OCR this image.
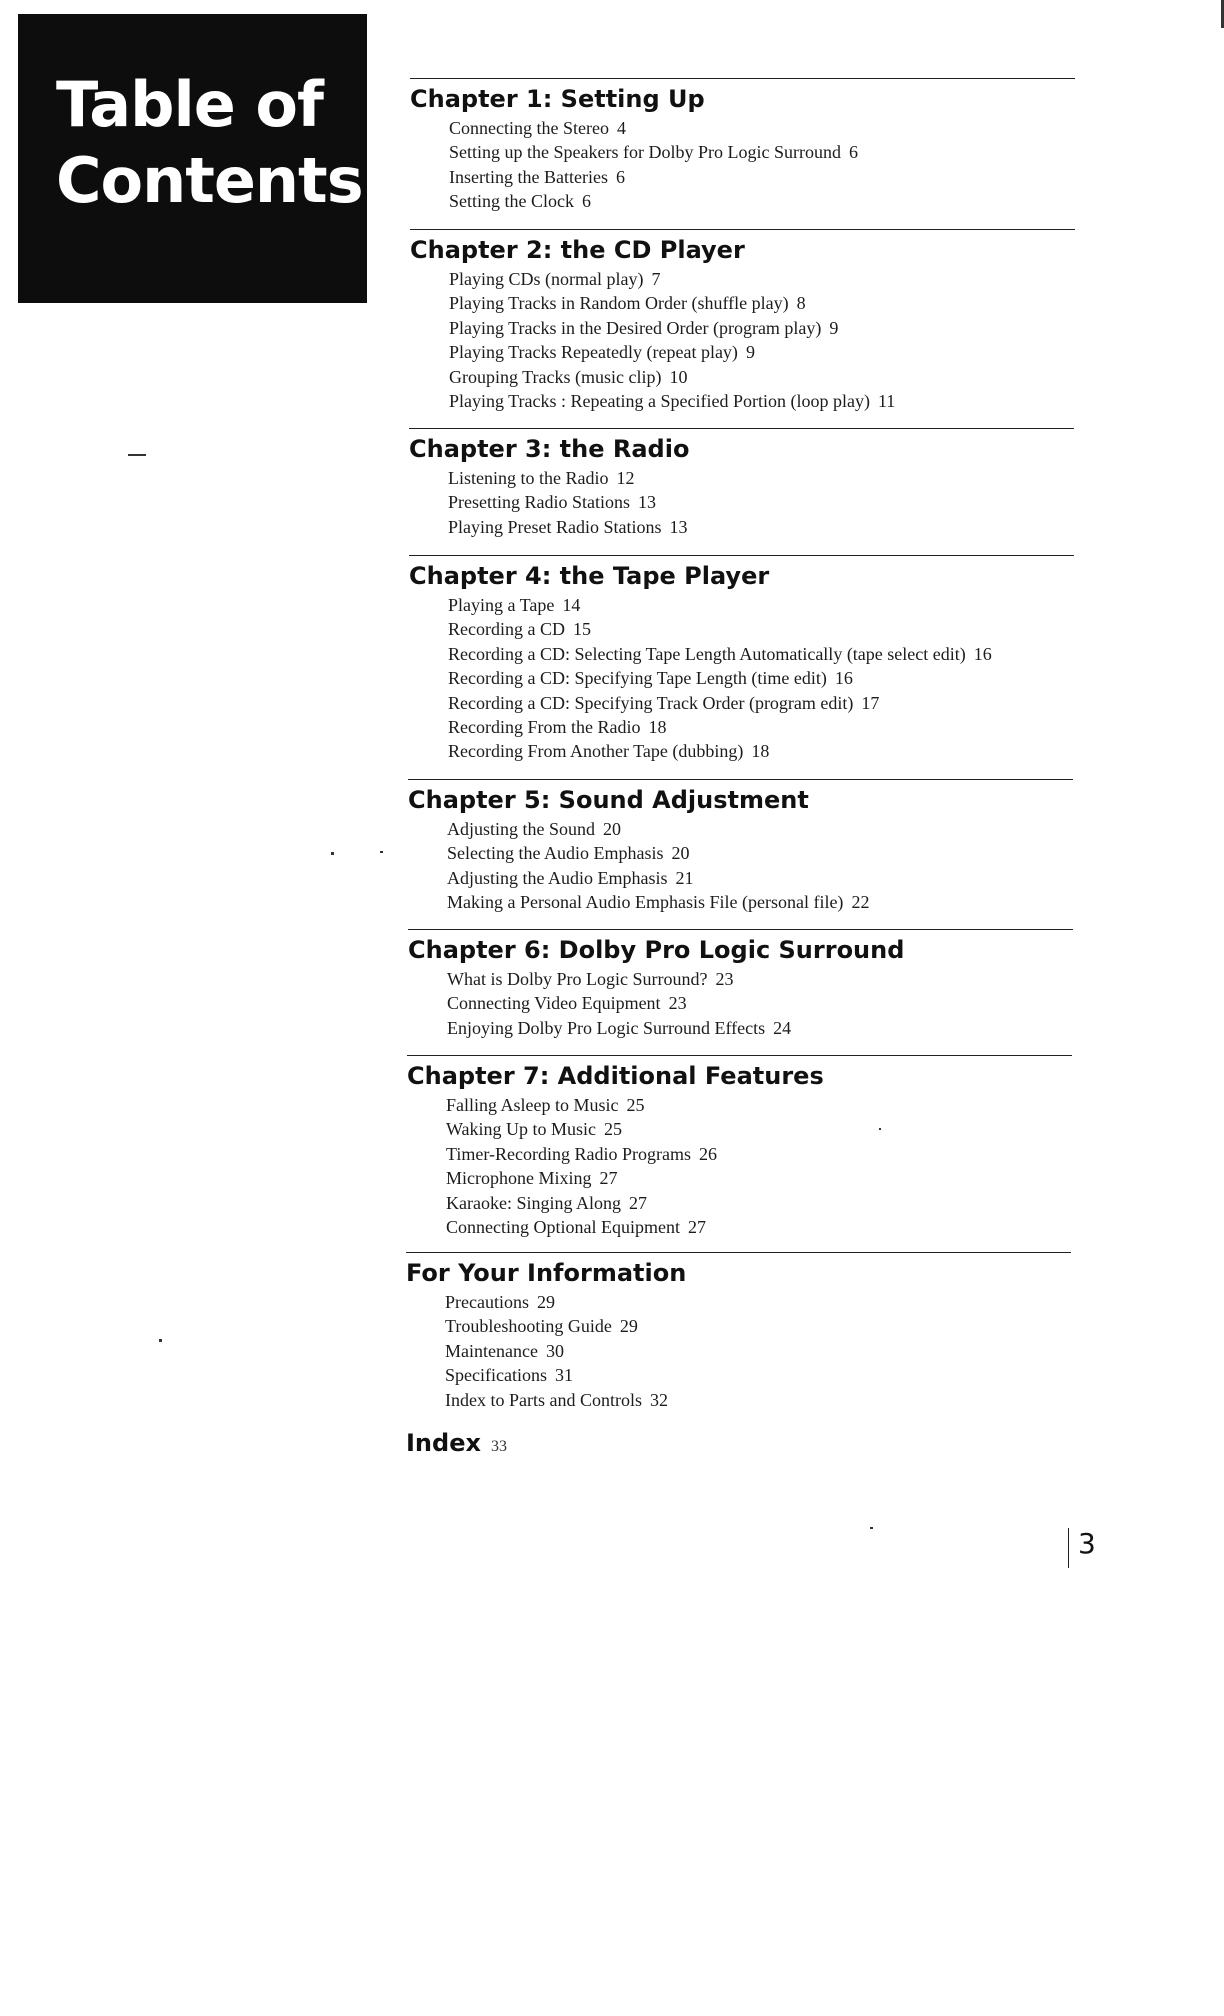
Table of
Contents
Chapter 1: Setting Up
Connecting the Stereo 4
Setting up the Speakers for Dolby Pro Logic Surround 6
Inserting the Batteries 6
Setting the Clock 6
Chapter 2: the CD Player
Playing CDs (normal play) 7
Playing Tracks in Random Order (shuffle play) 8
Playing Tracks in the Desired Order (program play) 9
Playing Tracks Repeatedly (repeat play) 9
Grouping Tracks (music clip) 10
Playing Tracks : Repeating a Specified Portion (loop play) 11
Chapter 3: the Radio
Listening to the Radio 12
Presetting Radio Stations 13
Playing Preset Radio Stations 13
Chapter 4: the Tape Player
Playing a Tape 14
Recording a CD 15
Recording a CD: Selecting Tape Length Automatically (tape select edit) 16
Recording a CD: Specifying Tape Length (time edit) 16
Recording a CD: Specifying Track Order (program edit) 17
Recording From the Radio 18
Recording From Another Tape (dubbing) 18
Chapter 5: Sound Adjustment
Adjusting the Sound 20
Selecting the Audio Emphasis 20
Adjusting the Audio Emphasis 21
Making a Personal Audio Emphasis File (personal file) 22
Chapter 6: Dolby Pro Logic Surround
What is Dolby Pro Logic Surround? 23
Connecting Video Equipment 23
Enjoying Dolby Pro Logic Surround Effects 24
Chapter 7: Additional Features
Falling Asleep to Music 25
Waking Up to Music 25
Timer-Recording Radio Programs 26
Microphone Mixing 27
Karaoke: Singing Along 27
Connecting Optional Equipment 27
For Your Information
Precautions 29
Troubleshooting Guide 29
Maintenance 30
Specifications 31
Index to Parts and Controls 32
Index 33
3
